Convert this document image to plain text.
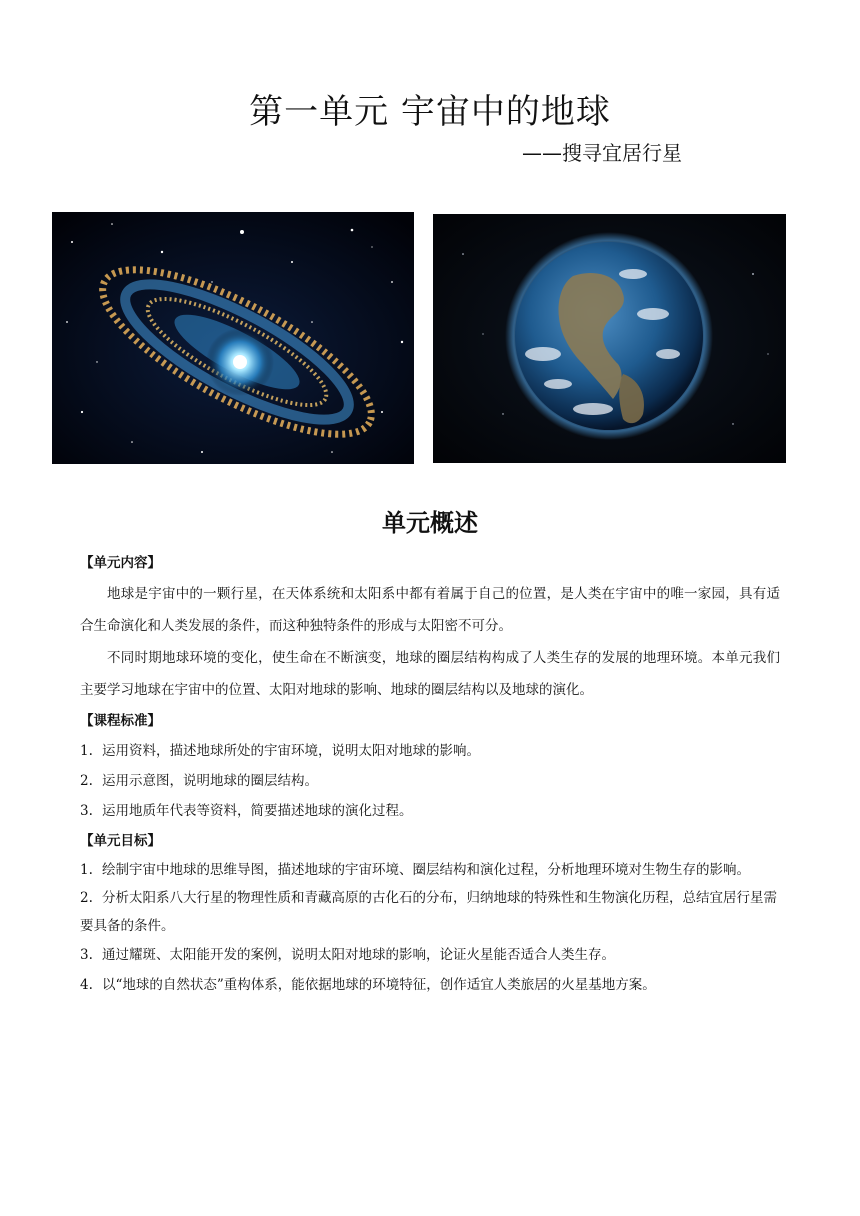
第一单元 宇宙中的地球
——搜寻宜居行星
单元概述
【单元内容】

地球是宇宙中的一颗行星，在天体系统和太阳系中都有着属于自己的位置，是人类在宇宙中的唯一家园，具有适合生命演化和人类发展的条件，而这种独特条件的形成与太阳密不可分。

不同时期地球环境的变化，使生命在不断演变，地球的圈层结构构成了人类生存的发展的地理环境。本单元我们主要学习地球在宇宙中的位置、太阳对地球的影响、地球的圈层结构以及地球的演化。

【课程标准】

1. 运用资料，描述地球所处的宇宙环境，说明太阳对地球的影响。

2. 运用示意图，说明地球的圈层结构。

3. 运用地质年代表等资料，简要描述地球的演化过程。

【单元目标】

1. 绘制宇宙中地球的思维导图，描述地球的宇宙环境、圈层结构和演化过程，分析地理环境对生物生存的影响。

2. 分析太阳系八大行星的物理性质和青藏高原的古化石的分布，归纳地球的特殊性和生物演化历程，总结宜居行星需要具备的条件。

3. 通过耀斑、太阳能开发的案例，说明太阳对地球的影响，论证火星能否适合人类生存。

4. 以“地球的自然状态”重构体系，能依据地球的环境特征，创作适宜人类旅居的火星基地方案。
